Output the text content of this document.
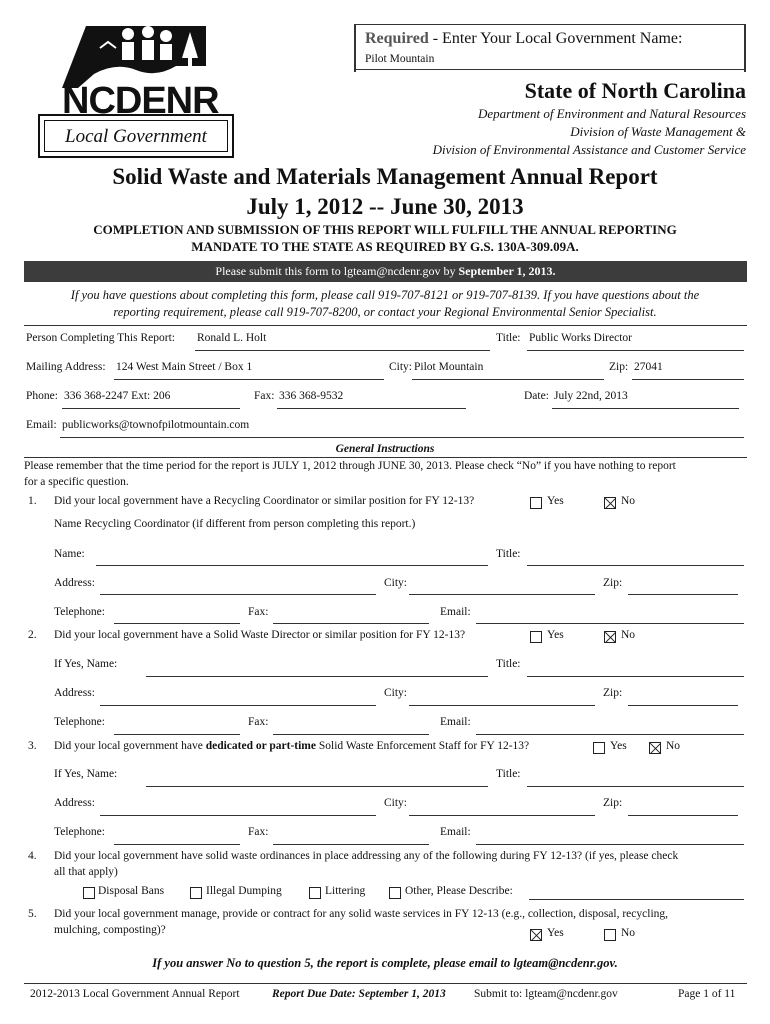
NCDENR
Local Government
Required - Enter Your Local Government Name:
Pilot Mountain
State of North Carolina
Department of Environment and Natural Resources
Division of Waste Management &
Division of Environmental Assistance and Customer Service
Solid Waste and Materials Management Annual Report
July 1, 2012 -- June 30, 2013
COMPLETION AND SUBMISSION OF THIS REPORT WILL FULFILL THE ANNUAL REPORTING
MANDATE TO THE STATE AS REQUIRED BY G.S. 130A-309.09A.
Please submit this form to lgteam@ncdenr.gov by September 1, 2013.
If you have questions about completing this form, please call 919-707-8121 or 919-707-8139. If you have questions about the
reporting requirement, please call 919-707-8200, or contact your Regional Environmental Senior Specialist.
Person Completing This Report: Ronald L. Holt	Title: Public Works Director
Mailing Address: 124 West Main Street / Box 1	City: Pilot Mountain	Zip: 27041
Phone: 336 368-2247 Ext: 206	Fax: 336 368-9532	Date: July 22nd, 2013
Email: publicworks@townofpilotmountain.com
General Instructions
Please remember that the time period for the report is JULY 1, 2012 through JUNE 30, 2013. Please check “No” if you have nothing to report
for a specific question.
1. Did your local government have a Recycling Coordinator or similar position for FY 12-13?	Yes	No
Name Recycling Coordinator (if different from person completing this report.)
Name:	Title:
Address:	City:	Zip:
Telephone:	Fax:	Email:
2. Did your local government have a Solid Waste Director or similar position for FY 12-13?	Yes	No
If Yes, Name:	Title:
Address:	City:	Zip:
Telephone:	Fax:	Email:
3. Did your local government have dedicated or part-time Solid Waste Enforcement Staff for FY 12-13?	Yes	No
If Yes, Name:	Title:
Address:	City:	Zip:
Telephone:	Fax:	Email:
4. Did your local government have solid waste ordinances in place addressing any of the following during FY 12-13? (if yes, please check
all that apply)
Disposal Bans	Illegal Dumping	Littering	Other, Please Describe:
5. Did your local government manage, provide or contract for any solid waste services in FY 12-13 (e.g., collection, disposal, recycling,
mulching, composting)?	Yes	No
If you answer No to question 5, the report is complete, please email to lgteam@ncdenr.gov.
2012-2013 Local Government Annual Report	Report Due Date: September 1, 2013 Submit to: lgteam@ncdenr.gov	Page 1 of 11
